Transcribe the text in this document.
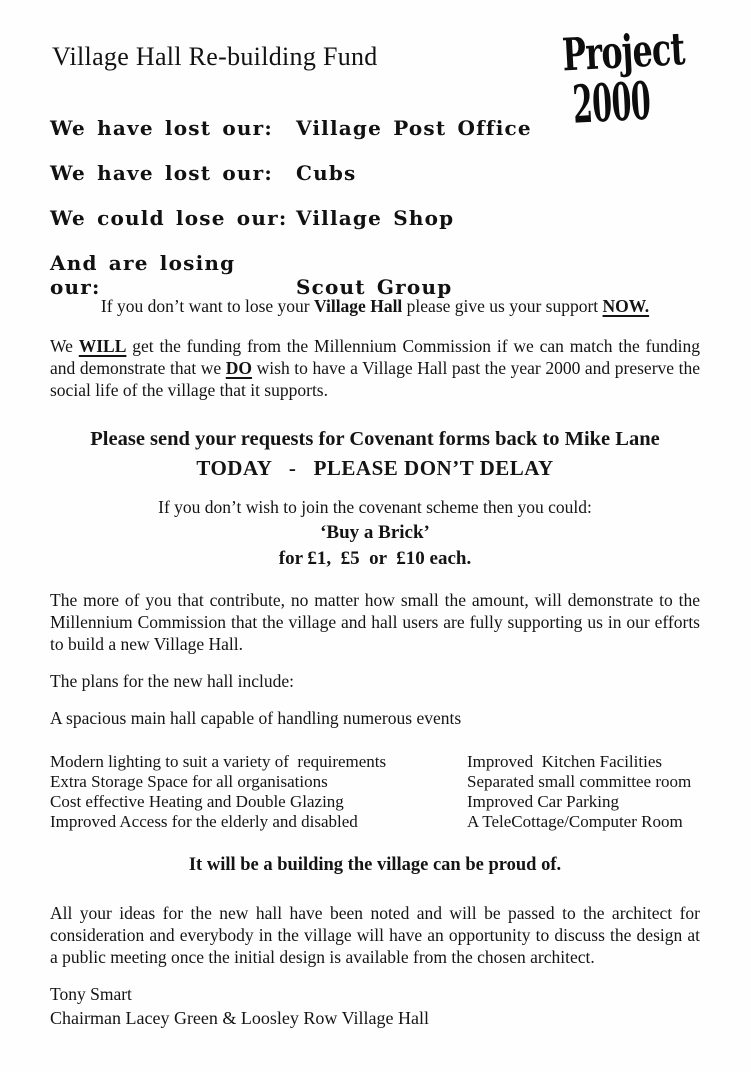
Project
2000
Village Hall Re-building Fund
We have lost our: Village Post Office
We have lost our: Cubs
We could lose our: Village Shop
And are losing our:	Scout Group
If you don’t want to lose your Village Hall please give us your support NOW.

We WILL get the funding from the Millennium Commission if we can match the funding and demonstrate that we DO wish to have a Village Hall past the year 2000 and preserve the social life of the village that it supports.

Please send your requests for Covenant forms back to Mike Lane
TODAY   -   PLEASE DON’T DELAY
If you don’t wish to join the covenant scheme then you could:
‘Buy a Brick’
for £1,  £5  or  £10 each.

The more of you that contribute, no matter how small the amount, will demonstrate to the Millennium Commission that the village and hall users are fully supporting us in our efforts to build a new Village Hall.

The plans for the new hall include:
A spacious main hall capable of handling numerous events
Modern lighting to suit a variety of  requirements
Extra Storage Space for all organisations
Cost effective Heating and Double Glazing
Improved Access for the elderly and disabled
Improved  Kitchen Facilities
Separated small committee room
Improved Car Parking
A TeleCottage/Computer Room
It will be a building the village can be proud of.

All your ideas for the new hall have been noted and will be passed to the architect for consideration and everybody in the village will have an opportunity to discuss the design at a public meeting once the initial design is available from the chosen architect.

Tony Smart
Chairman Lacey Green & Loosley Row Village Hall
